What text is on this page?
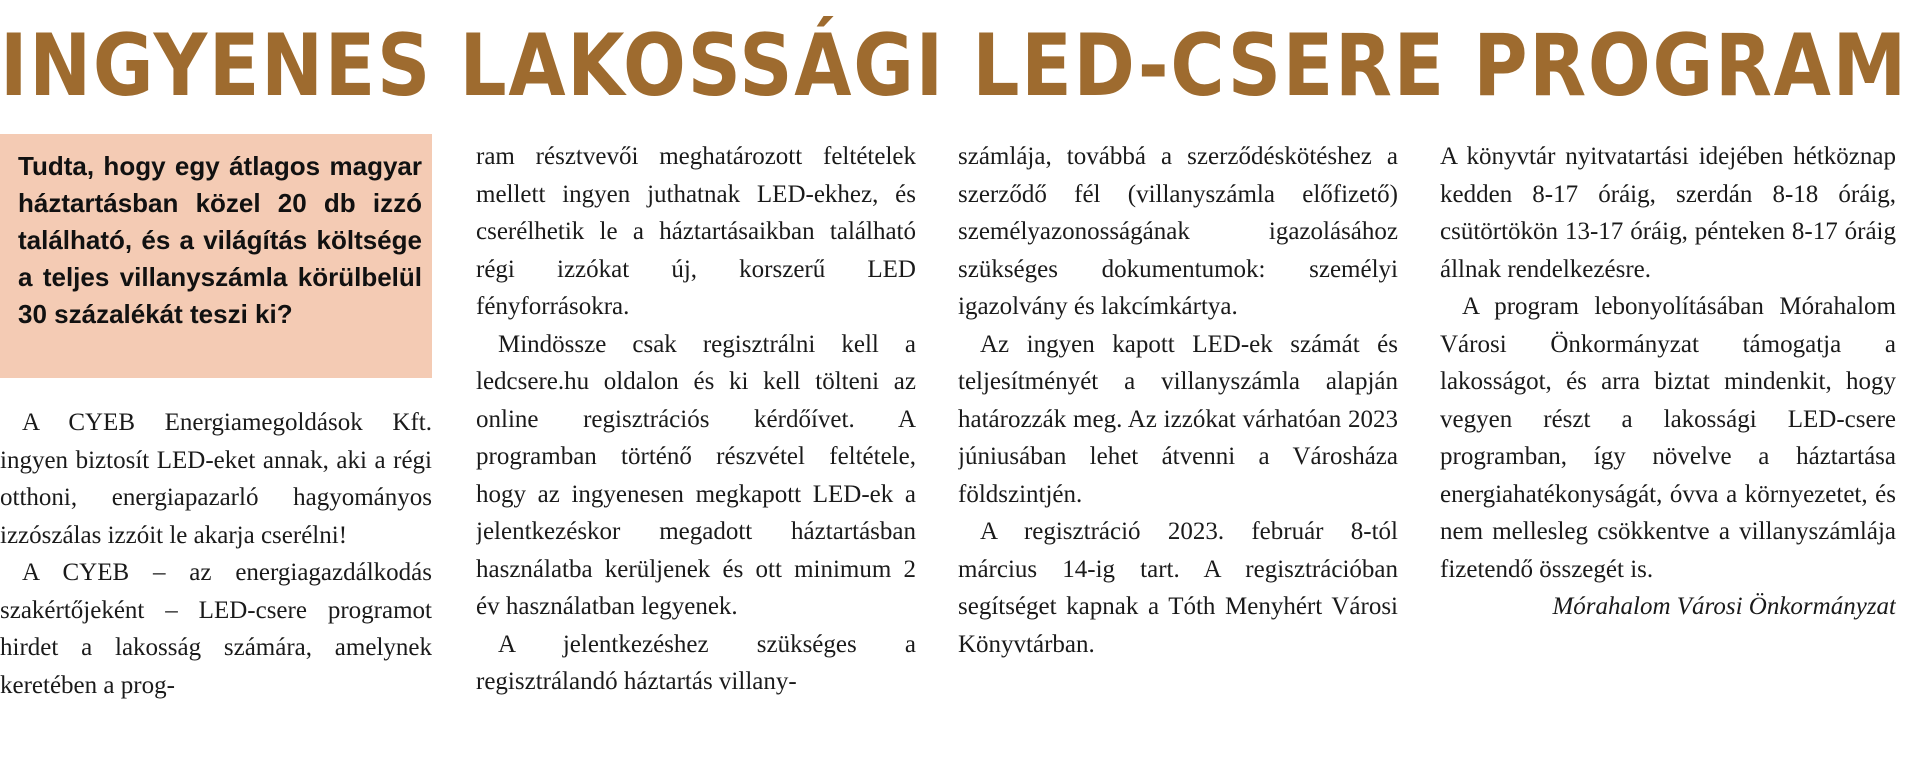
INGYENES LAKOSSÁGI LED-CSERE PROGRAM

Tudta, hogy egy átlagos magyar háztartásban közel 20 db izzó található, és a világítás költsége a teljes villanyszámla körülbelül 30 százalékát teszi ki?

A CYEB Energiamegoldások Kft. ingyen biztosít LED-eket annak, aki a régi otthoni, energiapazarló hagyományos izzószálas izzóit le akarja cserélni!

A CYEB – az energiagazdálkodás szakértőjeként – LED-csere programot hirdet a lakosság számára, amelynek keretében a prog-

ram résztvevői meghatározott feltételek mellett ingyen juthatnak LED-ekhez, és cserélhetik le a háztartásaikban található régi izzókat új, korszerű LED fényforrásokra.

Mindössze csak regisztrálni kell a ledcsere.hu oldalon és ki kell tölteni az online regisztrációs kérdőívet. A programban történő részvétel feltétele, hogy az ingyenesen megkapott LED-ek a jelentkezéskor megadott háztartásban használatba kerüljenek és ott minimum 2 év használatban legyenek.

A jelentkezéshez szükséges a regisztrálandó háztartás villany-

számlája, továbbá a szerződéskötéshez a szerződő fél (villanyszámla előfizető) személyazonosságának igazolásához szükséges dokumentumok: személyi igazolvány és lakcímkártya.

Az ingyen kapott LED-ek számát és teljesítményét a villanyszámla alapján határozzák meg. Az izzókat várhatóan 2023 júniusában lehet átvenni a Városháza földszintjén.

A regisztráció 2023. február 8-tól március 14-ig tart. A regisztrációban segítséget kapnak a Tóth Menyhért Városi Könyvtárban.

A könyvtár nyitvatartási idejében hétköznap kedden 8-17 óráig, szerdán 8-18 óráig, csütörtökön 13-17 óráig, pénteken 8-17 óráig állnak rendelkezésre.

A program lebonyolításában Mórahalom Városi Önkormányzat támogatja a lakosságot, és arra biztat mindenkit, hogy vegyen részt a lakossági LED-csere programban, így növelve a háztartása energiahatékonyságát, óvva a környezetet, és nem mellesleg csökkentve a villanyszámlája fizetendő összegét is.

Mórahalom Városi Önkormányzat
